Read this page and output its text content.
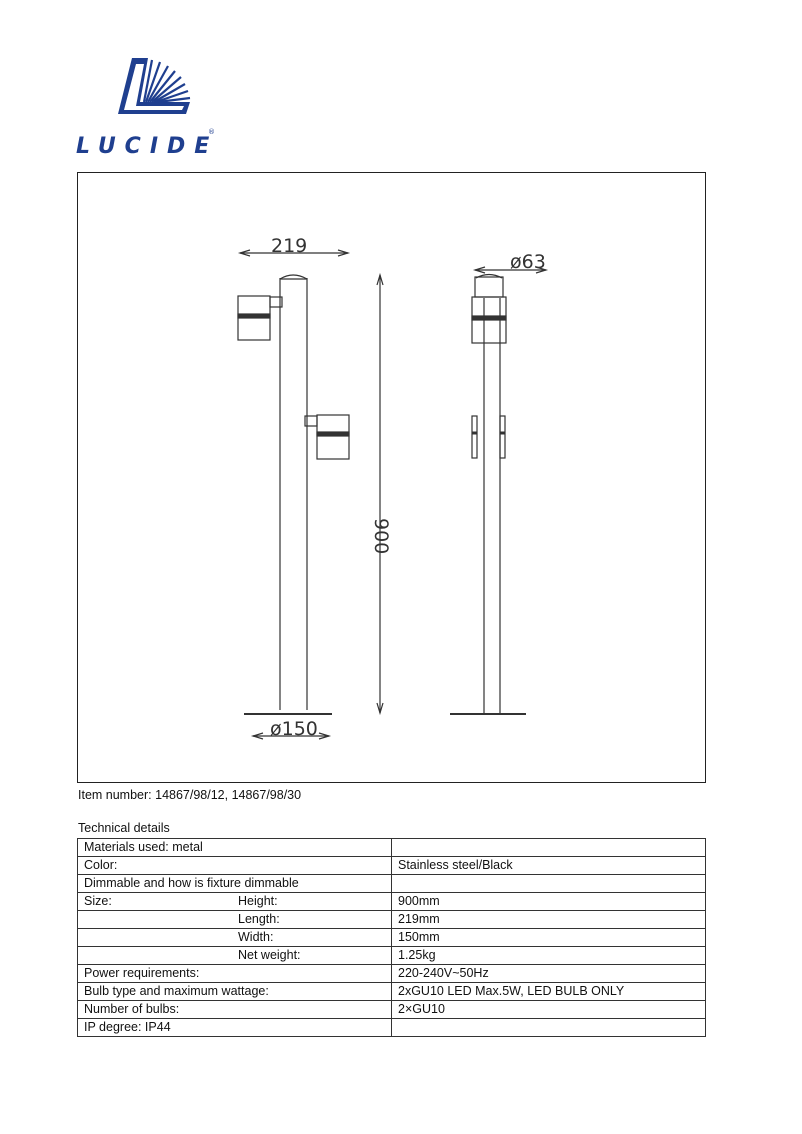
LUCIDE
®
219
ø63
ø150
900
Item number: 14867/98/12, 14867/98/30
Technical details
Materials used: metal	
Color:	Stainless steel/Black
Dimmable and how is fixture dimmable	

Size: Height:	900mm

Length:	219mm

Width:	150mm

Net weight:	1.25kg
Power requirements:	220-240V~50Hz
Bulb type and maximum wattage:	2xGU10 LED Max.5W, LED BULB ONLY
Number of bulbs:	2×GU10
IP degree: IP44	
